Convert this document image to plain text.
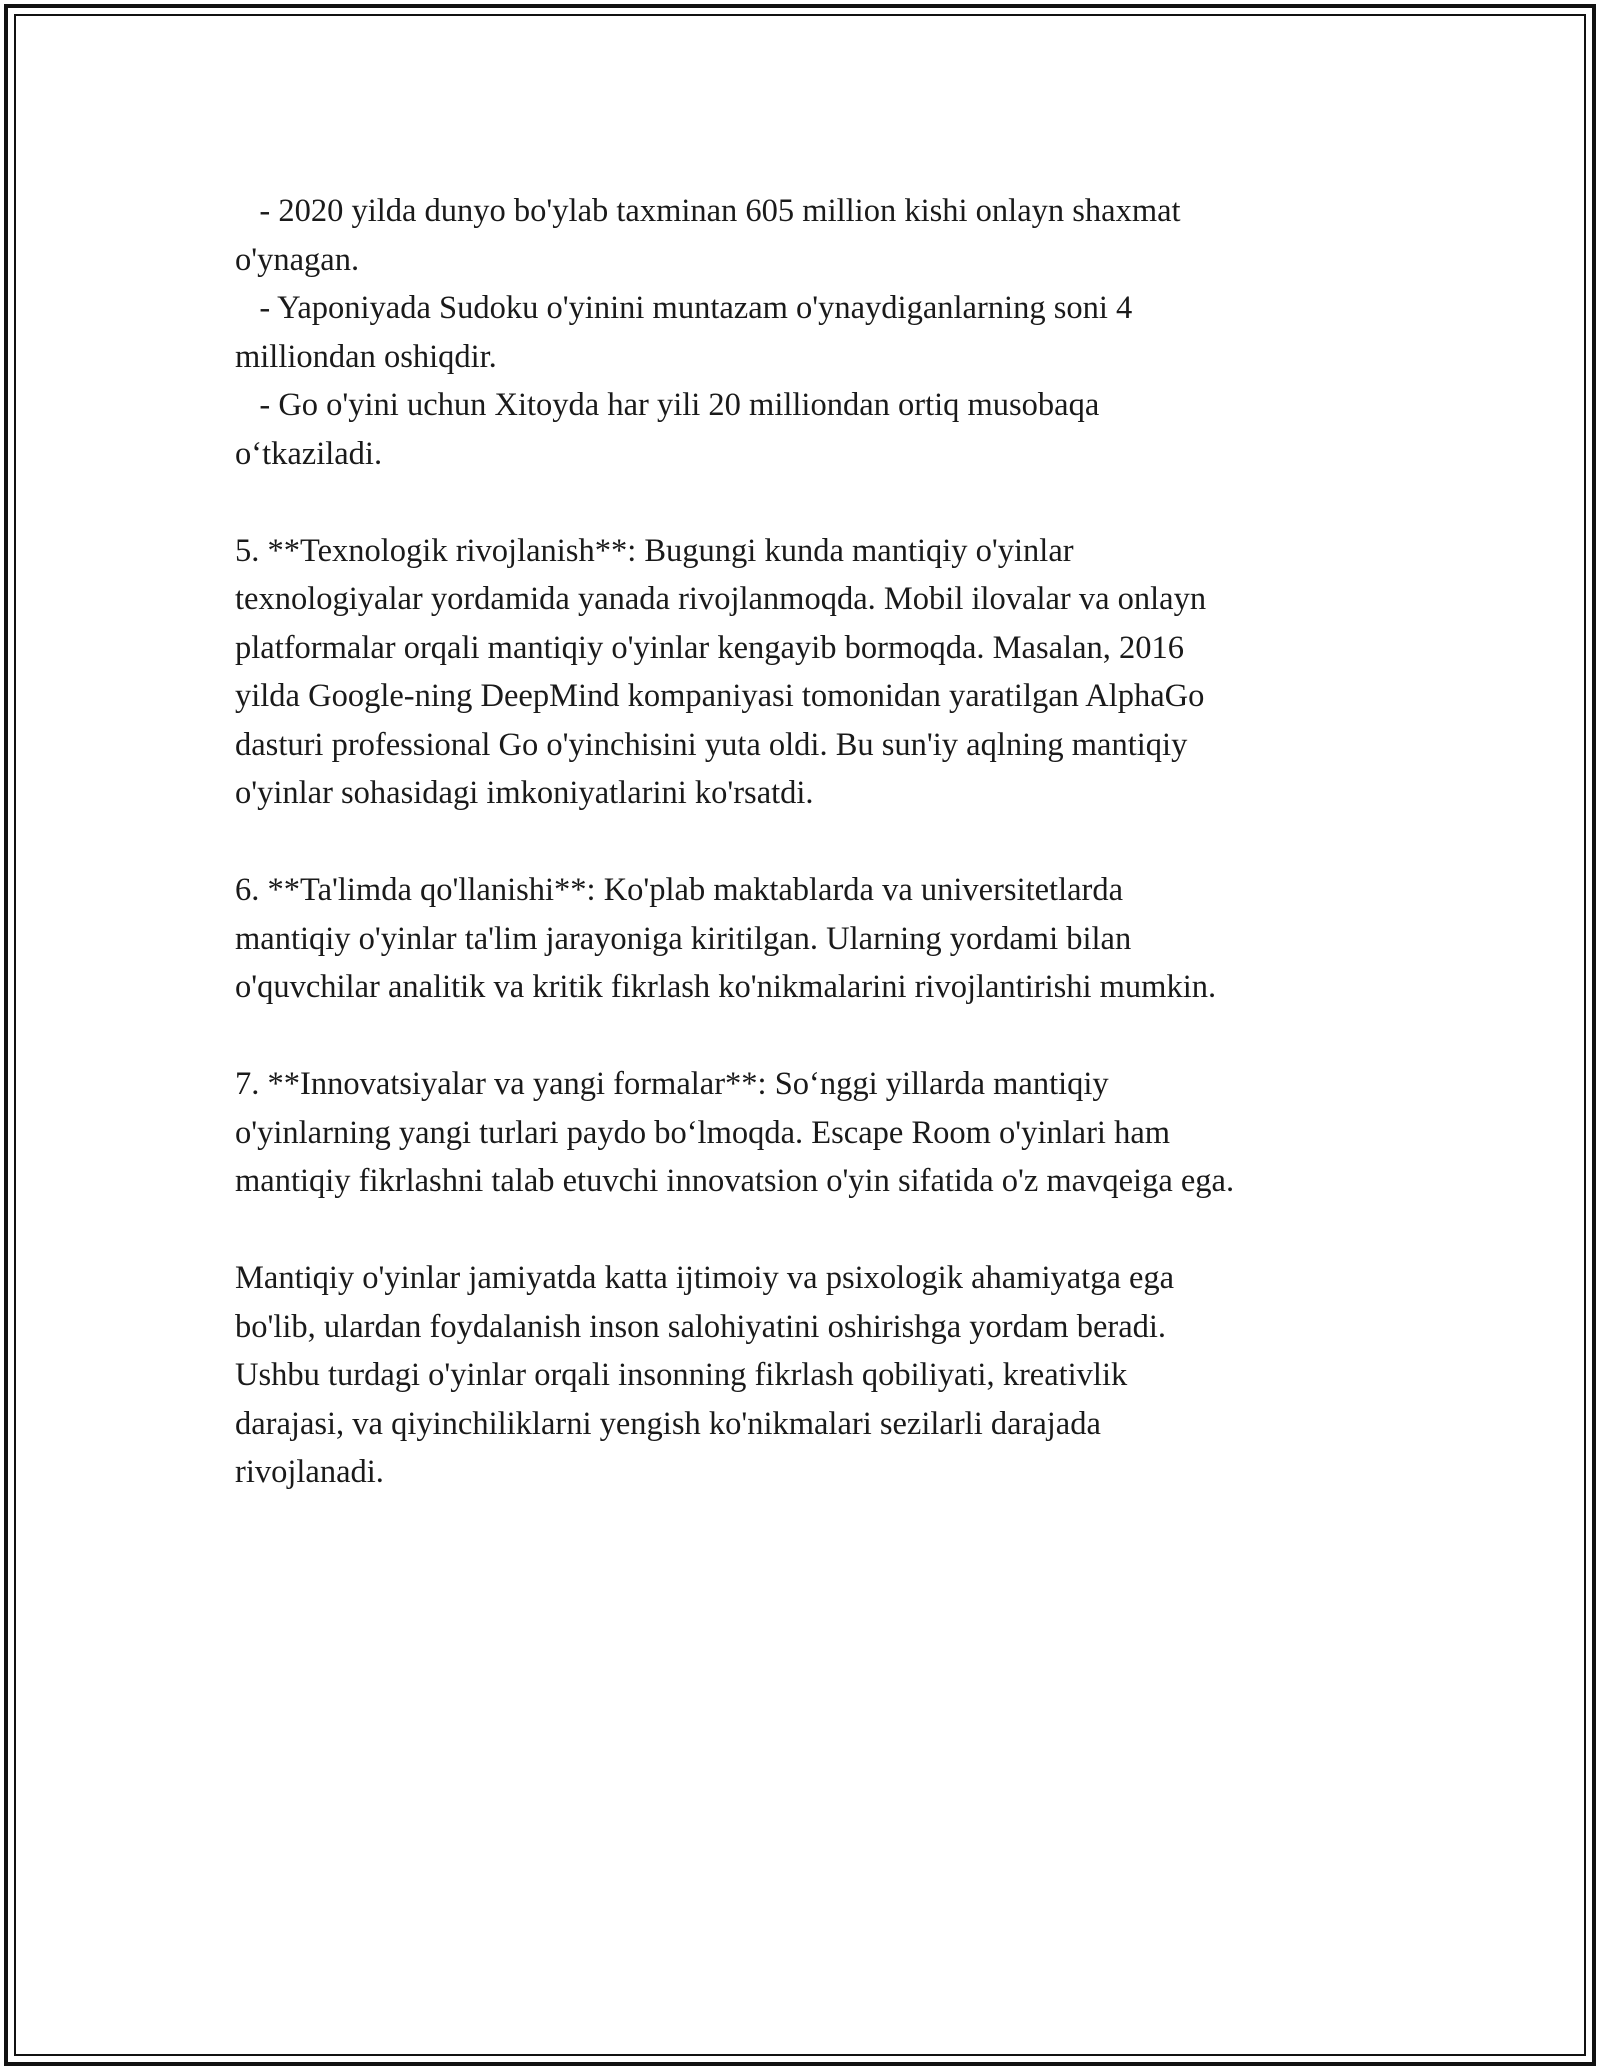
- 2020 yilda dunyo bo'ylab taxminan 605 million kishi onlayn shaxmat
o'ynagan.
- Yaponiyada Sudoku o'yinini muntazam o'ynaydiganlarning soni 4
milliondan oshiqdir.
- Go o'yini uchun Xitoyda har yili 20 milliondan ortiq musobaqa
o‘tkaziladi.
5. **Texnologik rivojlanish**: Bugungi kunda mantiqiy o'yinlar
texnologiyalar yordamida yanada rivojlanmoqda. Mobil ilovalar va onlayn
platformalar orqali mantiqiy o'yinlar kengayib bormoqda. Masalan, 2016
yilda Google-ning DeepMind kompaniyasi tomonidan yaratilgan AlphaGo
dasturi professional Go o'yinchisini yuta oldi. Bu sun'iy aqlning mantiqiy
o'yinlar sohasidagi imkoniyatlarini ko'rsatdi.
6. **Ta'limda qo'llanishi**: Ko'plab maktablarda va universitetlarda
mantiqiy o'yinlar ta'lim jarayoniga kiritilgan. Ularning yordami bilan
o'quvchilar analitik va kritik fikrlash ko'nikmalarini rivojlantirishi mumkin.
7. **Innovatsiyalar va yangi formalar**: So‘nggi yillarda mantiqiy
o'yinlarning yangi turlari paydo bo‘lmoqda. Escape Room o'yinlari ham
mantiqiy fikrlashni talab etuvchi innovatsion o'yin sifatida o'z mavqeiga ega.
Mantiqiy o'yinlar jamiyatda katta ijtimoiy va psixologik ahamiyatga ega
bo'lib, ulardan foydalanish inson salohiyatini oshirishga yordam beradi.
Ushbu turdagi o'yinlar orqali insonning fikrlash qobiliyati, kreativlik
darajasi, va qiyinchiliklarni yengish ko'nikmalari sezilarli darajada
rivojlanadi.
